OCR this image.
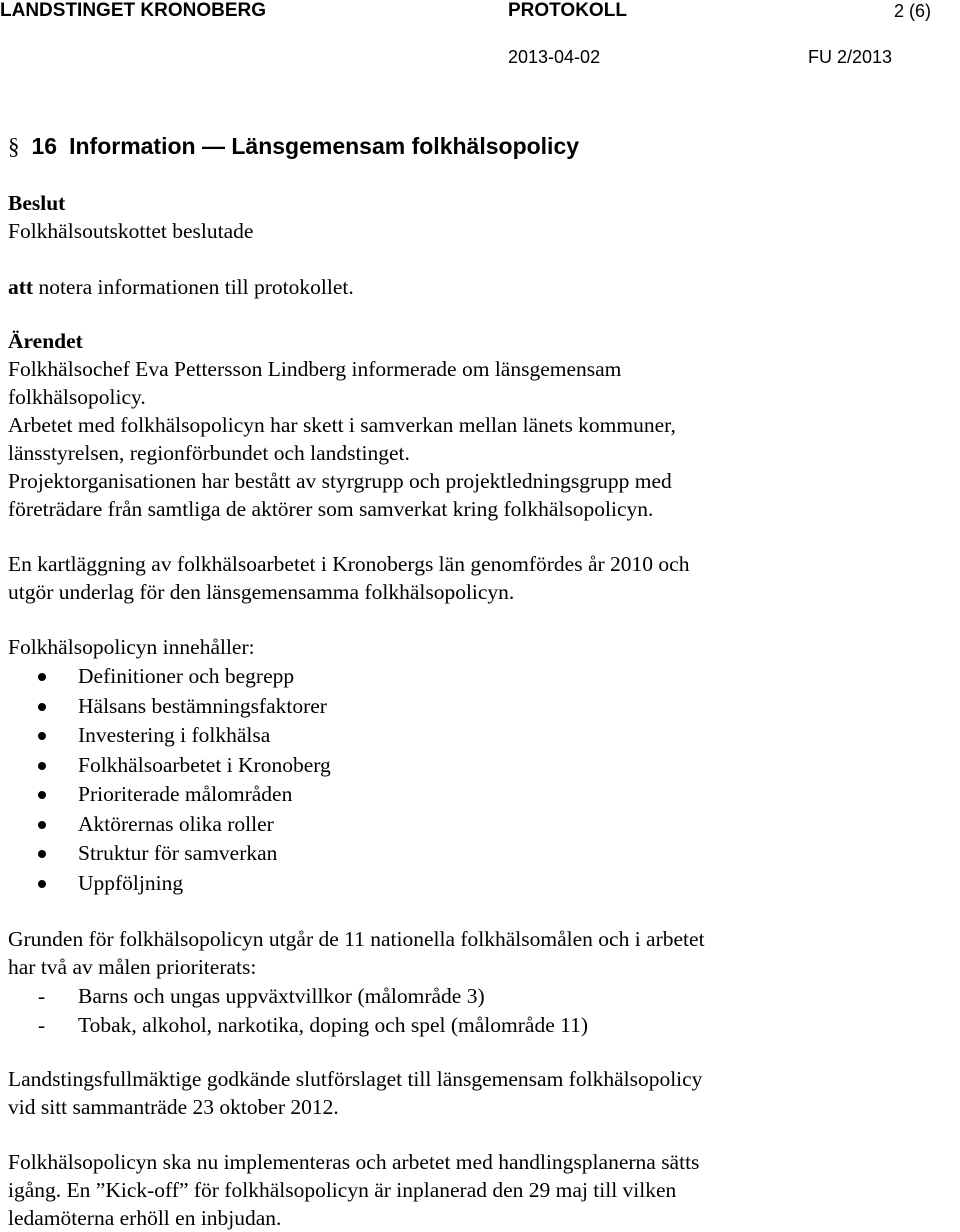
LANDSTINGET KRONOBERG	PROTOKOLL	2 (6)
2013-04-02	FU 2/2013
§ 16 Information — Länsgemensam folkhälsopolicy
Beslut
Folkhälsoutskottet beslutade
att notera informationen till protokollet.
Ärendet
Folkhälsochef Eva Pettersson Lindberg informerade om länsgemensam
folkhälsopolicy.
Arbetet med folkhälsopolicyn har skett i samverkan mellan länets kommuner,
länsstyrelsen, regionförbundet och landstinget.
Projektorganisationen har bestått av styrgrupp och projektledningsgrupp med
företrädare från samtliga de aktörer som samverkat kring folkhälsopolicyn.
En kartläggning av folkhälsoarbetet i Kronobergs län genomfördes år 2010 och
utgör underlag för den länsgemensamma folkhälsopolicyn.
Folkhälsopolicyn innehåller:
Definitioner och begrepp
Hälsans bestämningsfaktorer
Investering i folkhälsa
Folkhälsoarbetet i Kronoberg
Prioriterade målområden
Aktörernas olika roller
Struktur för samverkan
Uppföljning
Grunden för folkhälsopolicyn utgår de 11 nationella folkhälsomålen och i arbetet
har två av målen prioriterats:
- Barns och ungas uppväxtvillkor (målområde 3)
- Tobak, alkohol, narkotika, doping och spel (målområde 11)
Landstingsfullmäktige godkände slutförslaget till länsgemensam folkhälsopolicy
vid sitt sammanträde 23 oktober 2012.
Folkhälsopolicyn ska nu implementeras och arbetet med handlingsplanerna sätts
igång. En ”Kick-off” för folkhälsopolicyn är inplanerad den 29 maj till vilken
ledamöterna erhöll en inbjudan.
